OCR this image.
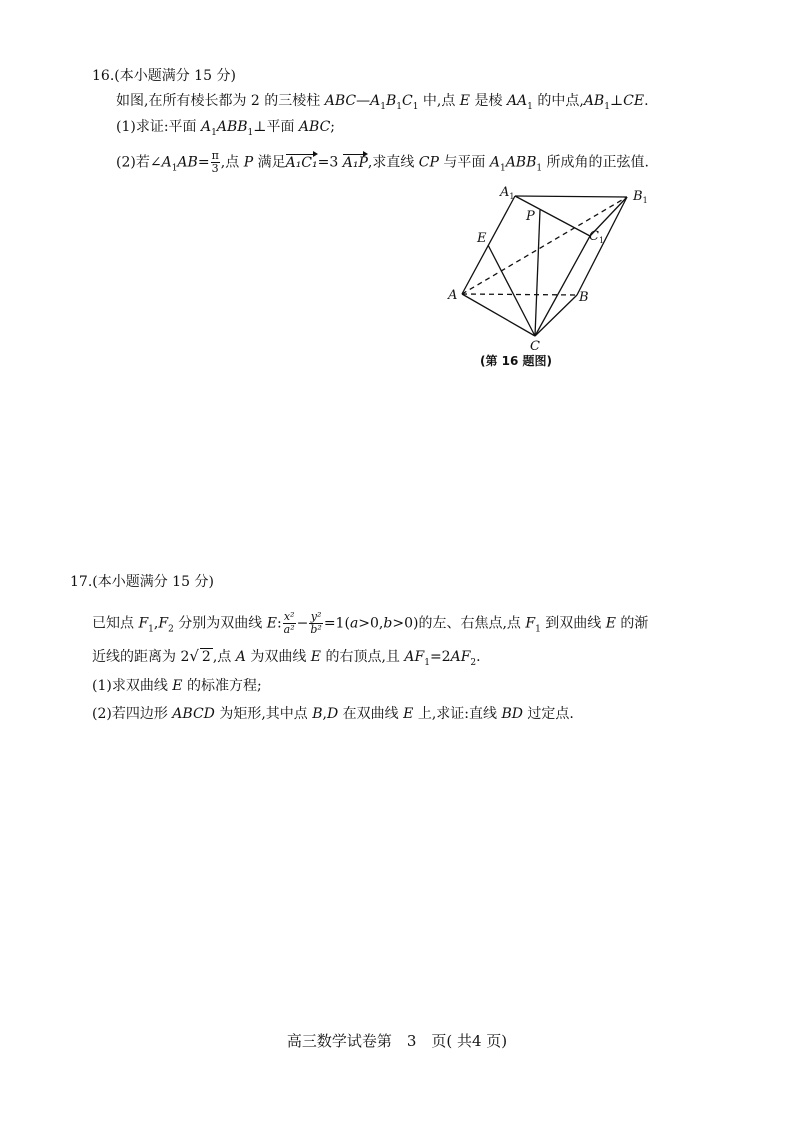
16.(本小题满分 15 分)
如图,在所有棱长都为 2 的三棱柱 $ABC—A_1B_1C_1$ 中,点 E 是棱 $AA_1$ 的中点$,AB_1\perp CE$.
(1)求证:平面 $A_1ABB_1\perp$平面 ABC;
(2)若$\angle A_1AB= \frac{\pi}{3}$ ,点 P 满足A₁C₁=3 A₁P,求直线 CP 与平面 $A_1ABB_1$ 所成角的正弦值.
$A_1$	$B_1$
$C_1$
P
E
A	B
C
(第 16 题图)
17.(本小题满分 15 分)
已知点 $F_1,F_2$ 分别为双曲线 E: $\frac{\text{x²}}{\text{a²}} - \frac{\text{y²}}{\text{b²}} =1(a>0,b>0)$的左、右焦点,点 $F_1$ 到双曲线 E 的渐
近线的距离为 2√ 2 ,点 A 为双曲线 E 的右顶点,且 $AF_1=2AF_2$.
(1)求双曲线 E 的标准方程;
(2)若四边形 ABCD 为矩形,其中点 B,D 在双曲线 E 上,求证:直线 BD 过定点.
高三数学试卷第　3　页( 共4 页)
